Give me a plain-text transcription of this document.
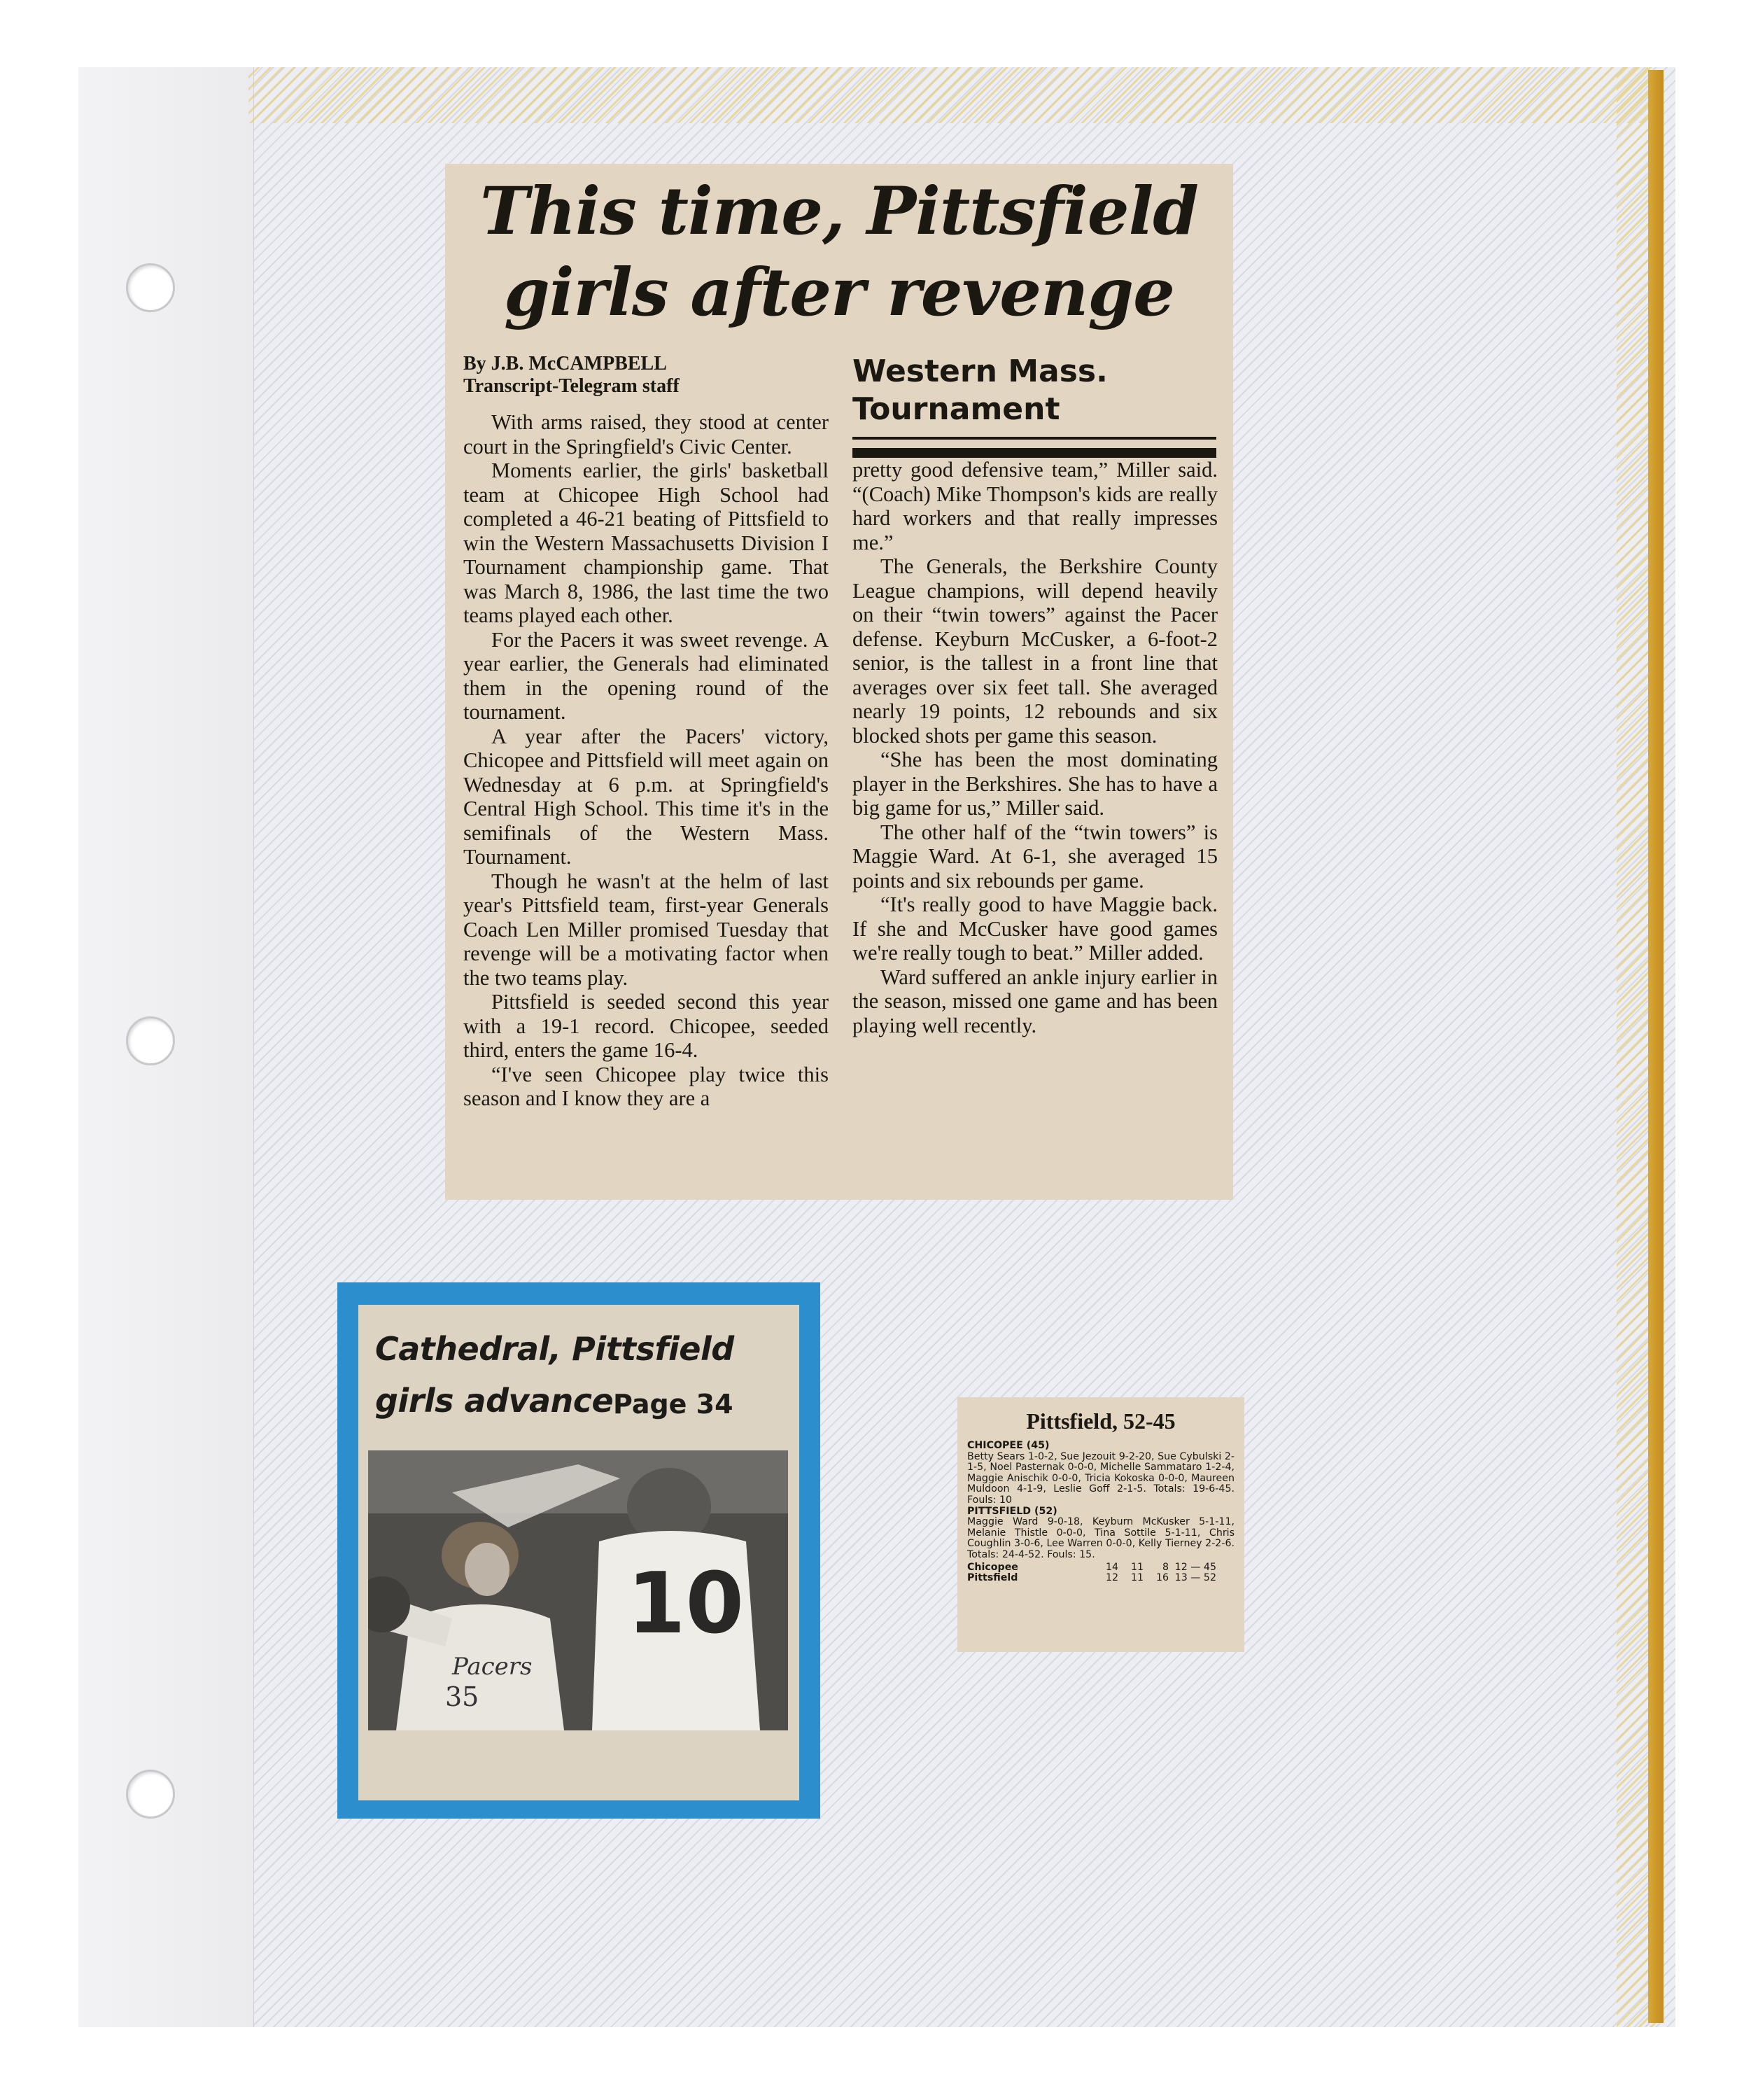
This time, Pittsfield
girls after revenge
By J.B. McCAMPBELL
Transcript-Telegram staff	Western Mass.
Tournament

With arms raised, they stood at center court in the Springfield's Civic Center.

Moments earlier, the girls' basketball team at Chicopee High School had completed a 46-21 beating of Pittsfield to win the Western Massachusetts Division I Tournament championship game. That was March 8, 1986, the last time the two teams played each other.

For the Pacers it was sweet revenge. A year earlier, the Generals had eliminated them in the opening round of the tournament.

A year after the Pacers' victory, Chicopee and Pittsfield will meet again on Wednesday at 6 p.m. at Springfield's Central High School. This time it's in the semifinals of the Western Mass. Tournament.

Though he wasn't at the helm of last year's Pittsfield team, first-year Generals Coach Len Miller promised Tuesday that revenge will be a motivating factor when the two teams play.

Pittsfield is seeded second this year with a 19-1 record. Chicopee, seeded third, enters the game 16-4.

“I've seen Chicopee play twice this season and I know they are a

pretty good defensive team,” Miller said. “(Coach) Mike Thompson's kids are really hard workers and that really impresses me.”

The Generals, the Berkshire County League champions, will depend heavily on their “twin towers” against the Pacer defense. Keyburn McCusker, a 6-foot-2 senior, is the tallest in a front line that averages over six feet tall. She averaged nearly 19 points, 12 rebounds and six blocked shots per game this season.

“She has been the most dominating player in the Berkshires. She has to have a big game for us,” Miller said.

The other half of the “twin towers” is Maggie Ward. At 6-1, she averaged 15 points and six rebounds per game.

“It's really good to have Maggie back. If she and McCusker have good games we're really tough to beat.” Miller added.

Ward suffered an ankle injury earlier in the season, missed one game and has been playing well recently.

Cathedral, Pittsfield
girls advance Page 34
Pacers
35
10
Pittsfield, 52-45
CHICOPEE (45)
Betty Sears 1-0-2, Sue Jezouit 9-2-20, Sue Cybulski 2-1-5, Noel Pasternak 0-0-0, Michelle Sammataro 1-2-4, Maggie Anischik 0-0-0, Tricia Kokoska 0-0-0, Maureen Muldoon 4-1-9, Leslie Goff 2-1-5. Totals: 19-6-45. Fouls: 10
PITTSFIELD (52)
Maggie Ward 9-0-18, Keyburn McKusker 5-1-11, Melanie Thistle 0-0-0, Tina Sottile 5-1-11, Chris Coughlin 3-0-6, Lee Warren 0-0-0, Kelly Tierney 2-2-6. Totals: 24-4-52. Fouls: 15.
Chicopee	14	11	8 12 — 45
Pittsfield	12	11	16 13 — 52
